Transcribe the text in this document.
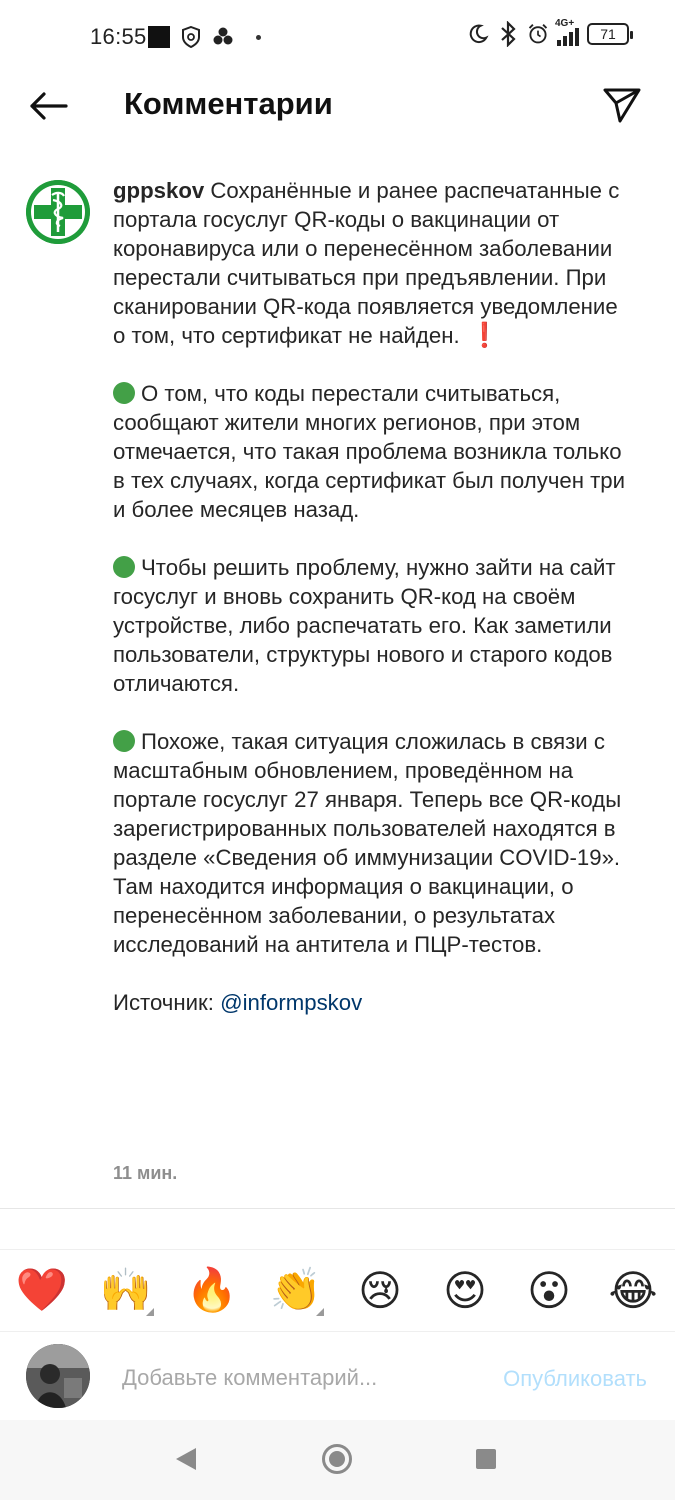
16:55
4G+
71
Комментарии

gppskov Сохранённые и ранее распечатанные с портала госуслуг QR-коды о вакцинации от коронавируса или о перенесённом заболевании перестали считываться при предъявлении. При сканировании QR-кода появляется уведомление о том, что сертификат не найден. ❗

О том, что коды перестали считываться, сообщают жители многих регионов, при этом отмечается, что такая проблема возникла только в тех случаях, когда сертификат был получен три и более месяцев назад.

Чтобы решить проблему, нужно зайти на сайт госуслуг и вновь сохранить QR-код на своём устройстве, либо распечатать его. Как заметили пользователи, структуры нового и старого кодов отличаются.

Похоже, такая ситуация сложилась в связи с масштабным обновлением, проведённом на портале госуслуг 27 января. Теперь все QR-коды зарегистрированных пользователей находятся в разделе «Сведения об иммунизации COVID-19». Там находится информация о вакцинации, о перенесённом заболевании, о результатах исследований на антитела и ПЦР-тестов.

Источник: @informpskov

11 мин.
❤️ 🙌 🔥 👏 😢 😍 😮 😂
Добавьте комментарий...
Опубликовать
